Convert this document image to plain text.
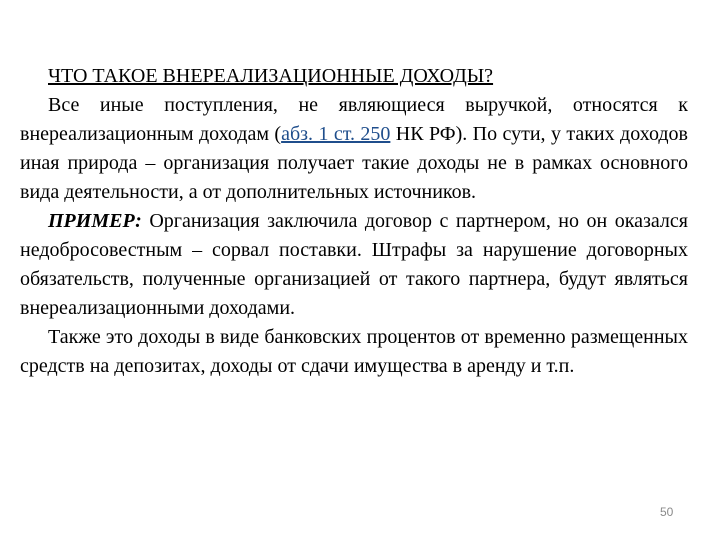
ЧТО ТАКОЕ ВНЕРЕАЛИЗАЦИОННЫЕ ДОХОДЫ?

Все иные поступления, не являющиеся выручкой, относятся к внереализационным доходам (абз. 1 ст. 250 НК РФ). По сути, у таких доходов иная природа – организация получает такие доходы не в рамках основного вида деятельности, а от дополнительных источников.

ПРИМЕР: Организация заключила договор с партнером, но он оказался недобросовестным – сорвал поставки. Штрафы за нарушение договорных обязательств, полученные организацией от такого партнера, будут являться внереализационными доходами.

Также это доходы в виде банковских процентов от временно размещенных средств на депозитах, доходы от сдачи имущества в аренду и т.п.

50
